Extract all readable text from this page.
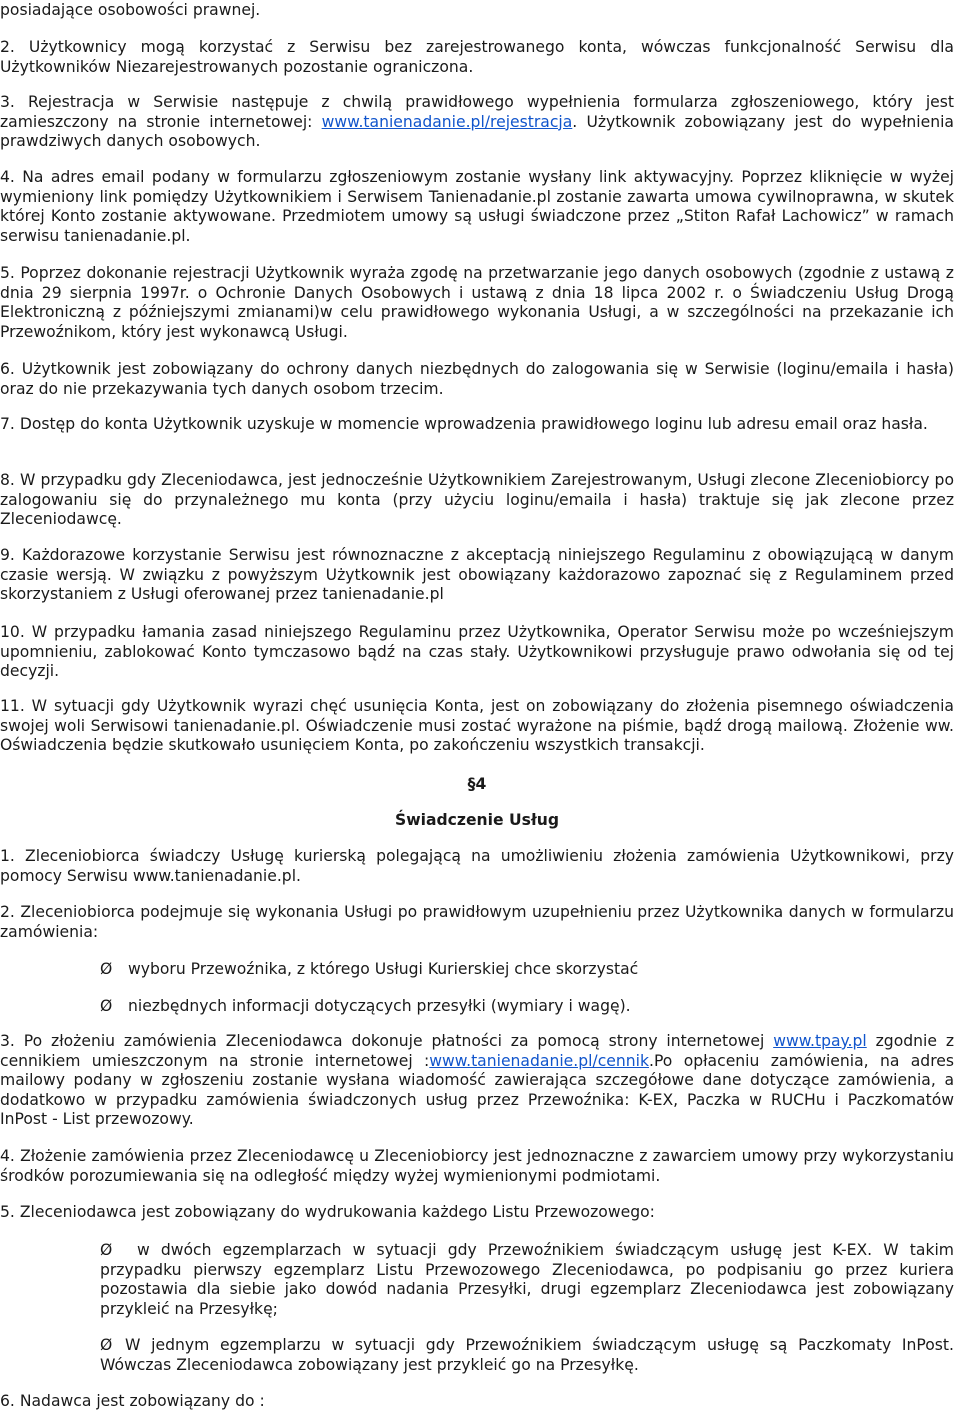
posiadające osobowości prawnej.

2. Użytkownicy mogą korzystać z Serwisu bez zarejestrowanego konta, wówczas funkcjonalność Serwisu dla Użytkowników Niezarejestrowanych pozostanie ograniczona.

3. Rejestracja w Serwisie następuje z chwilą prawidłowego wypełnienia formularza zgłoszeniowego, który jest zamieszczony na stronie internetowej: www.tanienadanie.pl/rejestracja. Użytkownik zobowiązany jest do wypełnienia prawdziwych danych osobowych.

4. Na adres email podany w formularzu zgłoszeniowym zostanie wysłany link aktywacyjny. Poprzez kliknięcie w wyżej wymieniony link pomiędzy Użytkownikiem i Serwisem Tanienadanie.pl zostanie zawarta umowa cywilnoprawna, w skutek której Konto zostanie aktywowane. Przedmiotem umowy są usługi świadczone przez „Stiton Rafał Lachowicz” w ramach serwisu tanienadanie.pl.

5. Poprzez dokonanie rejestracji Użytkownik wyraża zgodę na przetwarzanie jego danych osobowych (zgodnie z ustawą z dnia 29 sierpnia 1997r. o Ochronie Danych Osobowych i ustawą z dnia 18 lipca 2002 r. o Świadczeniu Usług Drogą Elektroniczną z późniejszymi zmianami)w celu prawidłowego wykonania Usługi, a w szczególności na przekazanie ich Przewoźnikom, który jest wykonawcą Usługi.

6. Użytkownik jest zobowiązany do ochrony danych niezbędnych do zalogowania się w Serwisie (loginu/emaila i hasła) oraz do nie przekazywania tych danych osobom trzecim.

7. Dostęp do konta Użytkownik uzyskuje w momencie wprowadzenia prawidłowego loginu lub adresu email oraz hasła.

8. W przypadku gdy Zleceniodawca, jest jednocześnie Użytkownikiem Zarejestrowanym, Usługi zlecone Zleceniobiorcy po zalogowaniu się do przynależnego mu konta (przy użyciu loginu/emaila i hasła) traktuje się jak zlecone przez Zleceniodawcę.

9. Każdorazowe korzystanie Serwisu jest równoznaczne z akceptacją niniejszego Regulaminu z obowiązującą w danym czasie wersją. W związku z powyższym Użytkownik jest obowiązany każdorazowo zapoznać się z Regulaminem przed skorzystaniem z Usługi oferowanej przez tanienadanie.pl

10. W przypadku łamania zasad niniejszego Regulaminu przez Użytkownika, Operator Serwisu może po wcześniejszym upomnieniu, zablokować Konto tymczasowo bądź na czas stały. Użytkownikowi przysługuje prawo odwołania się od tej decyzji.

11. W sytuacji gdy Użytkownik wyrazi chęć usunięcia Konta, jest on zobowiązany do złożenia pisemnego oświadczenia swojej woli Serwisowi tanienadanie.pl. Oświadczenie musi zostać wyrażone na piśmie, bądź drogą mailową. Złożenie ww. Oświadczenia będzie skutkowało usunięciem Konta, po zakończeniu wszystkich transakcji.

§4
Świadczenie Usług

1. Zleceniobiorca świadczy Usługę kurierską polegającą na umożliwieniu złożenia zamówienia Użytkownikowi, przy pomocy Serwisu www.tanienadanie.pl.

2. Zleceniobiorca podejmuje się wykonania Usługi po prawidłowym uzupełnieniu przez Użytkownika danych w formularzu zamówienia:

Ø wyboru Przewoźnika, z którego Usługi Kurierskiej chce skorzystać
Ø niezbędnych informacji dotyczących przesyłki (wymiary i wagę).

3. Po złożeniu zamówienia Zleceniodawca dokonuje płatności za pomocą strony internetowej www.tpay.pl zgodnie z cennikiem umieszczonym na stronie internetowej :www.tanienadanie.pl/cennik.Po opłaceniu zamówienia, na adres mailowy podany w zgłoszeniu zostanie wysłana wiadomość zawierająca szczegółowe dane dotyczące zamówienia, a dodatkowo w przypadku zamówienia świadczonych usług przez Przewoźnika: K-EX, Paczka w RUCHu i Paczkomatów InPost - List przewozowy.

4. Złożenie zamówienia przez Zleceniodawcę u Zleceniobiorcy jest jednoznaczne z zawarciem umowy przy wykorzystaniu środków porozumiewania się na odległość między wyżej wymienionymi podmiotami.

5. Zleceniodawca jest zobowiązany do wydrukowania każdego Listu Przewozowego:

Ø	w dwóch egzemplarzach w sytuacji gdy Przewoźnikiem świadczącym usługę jest K-EX. W takim przypadku pierwszy egzemplarz Listu Przewozowego Zleceniodawca, po podpisaniu go przez kuriera pozostawia dla siebie jako dowód nadania Przesyłki, drugi egzemplarz Zleceniodawca jest zobowiązany przykleić na Przesyłkę;
Ø W jednym egzemplarzu w sytuacji gdy Przewoźnikiem świadczącym usługę są Paczkomaty InPost. Wówczas Zleceniodawca zobowiązany jest przykleić go na Przesyłkę.

6. Nadawca jest zobowiązany do :
